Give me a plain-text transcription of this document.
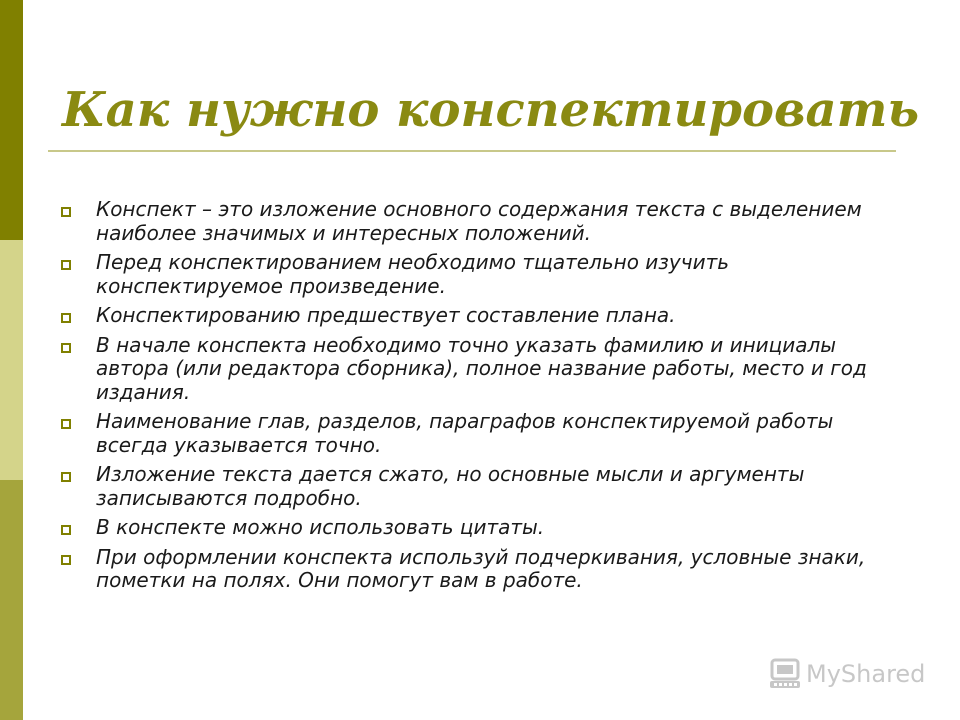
Как нужно конспектировать
Конспект – это изложение основного содержания текста с выделением наиболее значимых и интересных положений.
Перед конспектированием необходимо тщательно изучить конспектируемое произведение.
Конспектированию предшествует составление плана.
В начале конспекта необходимо точно указать фамилию и инициалы автора (или редактора сборника), полное название работы, место и год издания.
Наименование глав, разделов, параграфов конспектируемой работы всегда указывается точно.
Изложение текста дается сжато, но основные мысли и аргументы записываются подробно.
В конспекте можно использовать цитаты.
При оформлении конспекта используй подчеркивания, условные знаки, пометки на полях. Они помогут вам в работе.
MyShared
